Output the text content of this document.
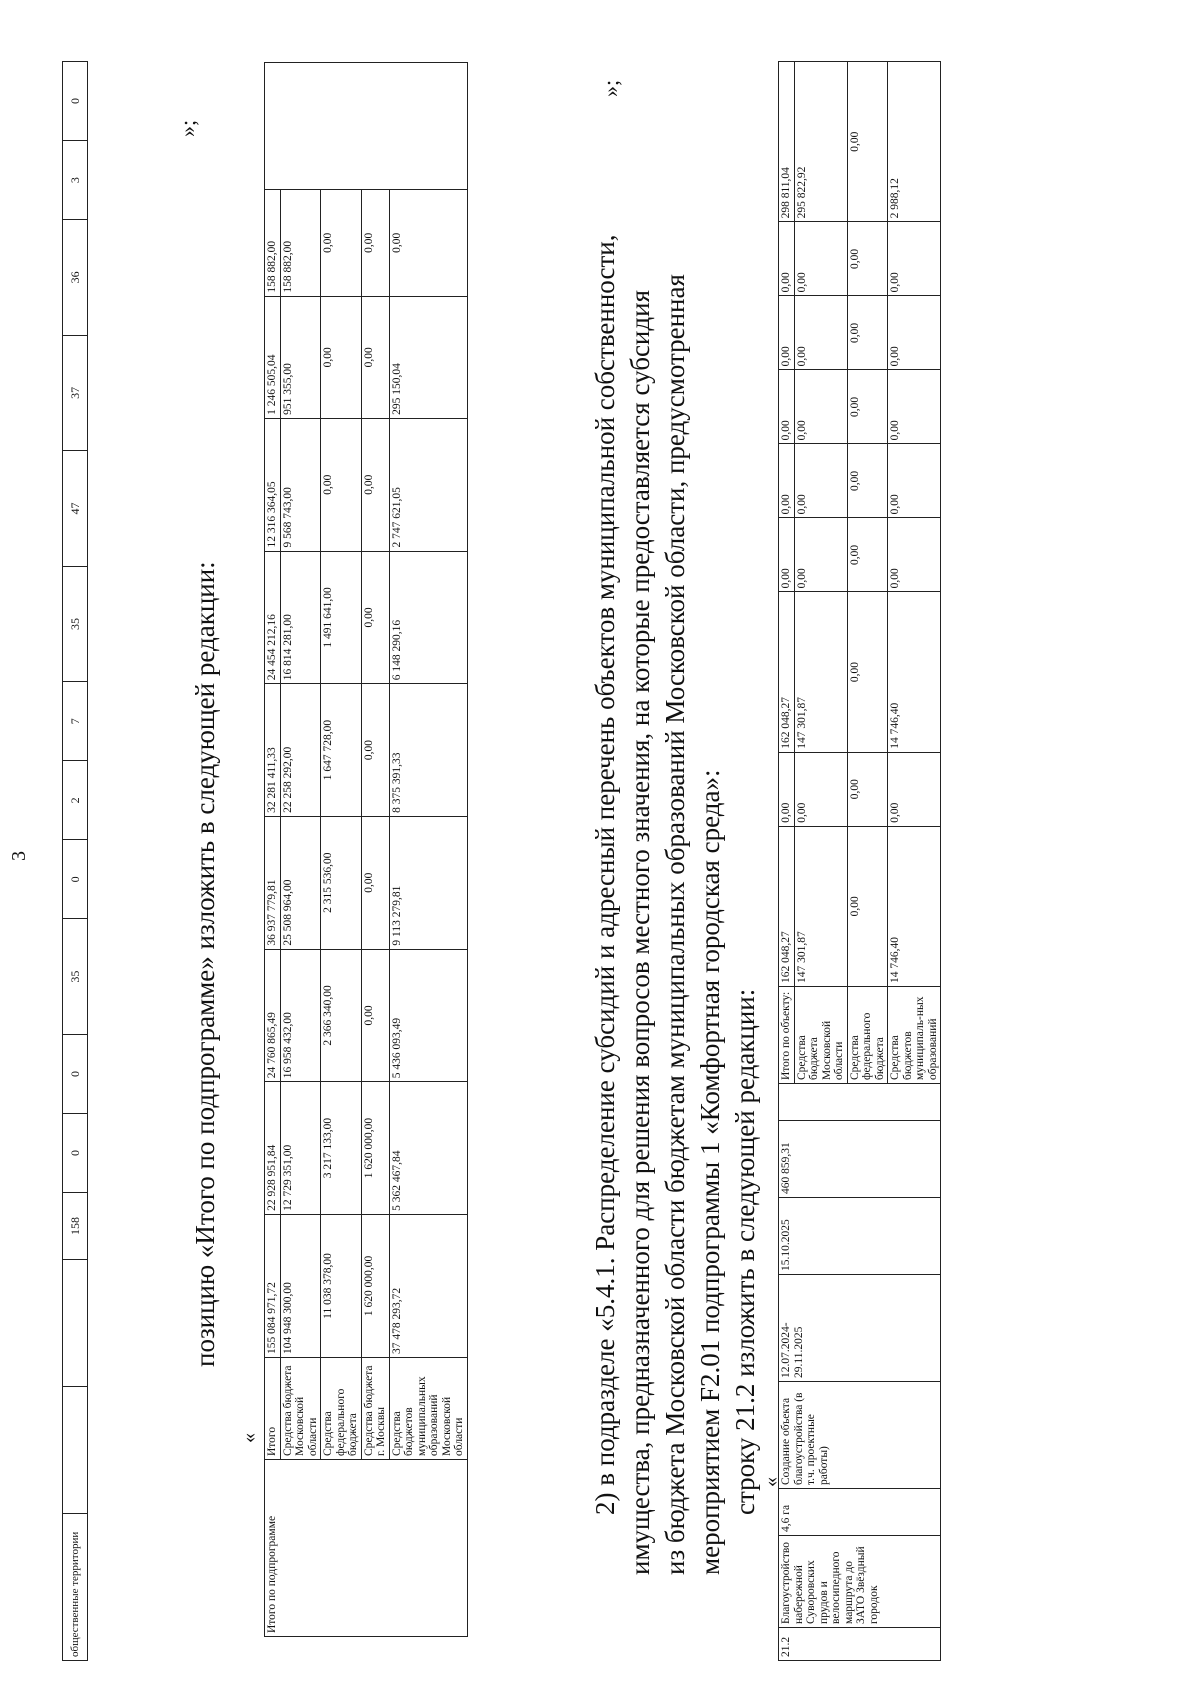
3
общественные территории			158	0	0	35	0	2	7	35	47	37	36	3	0
»;
позицию «Итого по подпрограмме» изложить в следующей редакции:
«
Итого по подпрограмме	Итого	155 084 971,72	22 928 951,84	24 760 865,49	36 937 779,81	32 281 411,33	24 454 212,16	12 316 364,05	1 246 505,04	158 882,00	
	Средства бюджета Московской области	104 948 300,00	12 729 351,00	16 958 432,00	25 508 964,00	22 258 292,00	16 814 281,00	9 568 743,00	951 355,00	158 882,00	
	Средства федерального бюджета	11 038 378,00	3 217 133,00	2 366 340,00	2 315 536,00	1 647 728,00	1 491 641,00	0,00	0,00	0,00	
	Средства бюджета г. Москвы	1 620 000,00	1 620 000,00	0,00	0,00	0,00	0,00	0,00	0,00	0,00	
	Средства бюджетов муниципальных образований Московской области	37 478 293,72	5 362 467,84	5 436 093,49	9 113 279,81	8 375 391,33	6 148 290,16	2 747 621,05	295 150,04	0,00	
»;
2) в подразделе «5.4.1. Распределение субсидий и адресный перечень объектов муниципальной собственности, имущества, предназначенного для решения вопросов местного значения, на которые предоставляется субсидия из бюджета Московской области бюджетам муниципальных образований Московской области, предусмотренная мероприятием F2.01 подпрограммы 1 «Комфортная городская среда»: строку 21.2 изложить в следующей редакции: «
21.2	Благоустройство набережной Суворовских прудов и велосипедного маршрута до ЗАТО Звёздный городок	4,6 га	Создание объекта благоустройства (в т.ч. проектные работы)	12.07.2024-29.11.2025	15.10.2025	460 859,31		Итого по объекту:	162 048,27	0,00	162 048,27	0,00	0,00	0,00	0,00	0,00	298 811,04
								Средства бюджета Московской области	147 301,87	0,00	147 301,87	0,00	0,00	0,00	0,00	0,00	295 822,92
								Средства федерального бюджета	0,00	0,00	0,00	0,00	0,00	0,00	0,00	0,00	0,00
								Средства бюджетов муниципаль-ных образований	14 746,40	0,00	14 746,40	0,00	0,00	0,00	0,00	0,00	2 988,12
